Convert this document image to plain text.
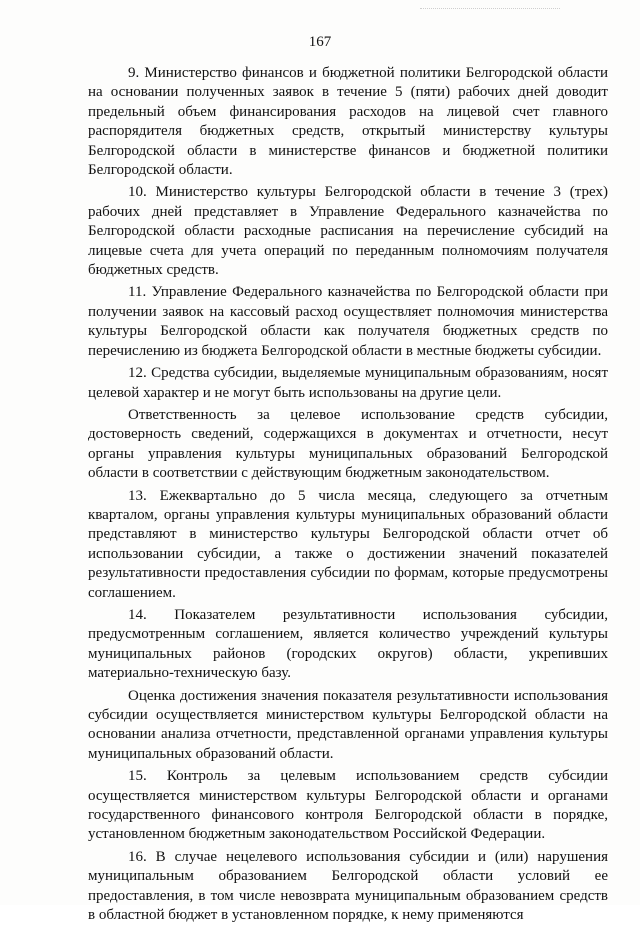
167

9. Министерство финансов и бюджетной политики Белгородской области на основании полученных заявок в течение 5 (пяти) рабочих дней доводит предельный объем финансирования расходов на лицевой счет главного распорядителя бюджетных средств, открытый министерству культуры Белгородской области в министерстве финансов и бюджетной политики Белгородской области.

10. Министерство культуры Белгородской области в течение 3 (трех) рабочих дней представляет в Управление Федерального казначейства по Белгородской области расходные расписания на перечисление субсидий на лицевые счета для учета операций по переданным полномочиям получателя бюджетных средств.

11. Управление Федерального казначейства по Белгородской области при получении заявок на кассовый расход осуществляет полномочия министерства культуры Белгородской области как получателя бюджетных средств по перечислению из бюджета Белгородской области в местные бюджеты субсидии.

12. Средства субсидии, выделяемые муниципальным образованиям, носят целевой характер и не могут быть использованы на другие цели.

Ответственность за целевое использование средств субсидии, достоверность сведений, содержащихся в документах и отчетности, несут органы управления культуры муниципальных образований Белгородской области в соответствии с действующим бюджетным законодательством.

13. Ежеквартально до 5 числа месяца, следующего за отчетным кварталом, органы управления культуры муниципальных образований области представляют в министерство культуры Белгородской области отчет об использовании субсидии, а также о достижении значений показателей результативности предоставления субсидии по формам, которые предусмотрены соглашением.

14. Показателем результативности использования субсидии, предусмотренным соглашением, является количество учреждений культуры муниципальных районов (городских округов) области, укрепивших материально-техническую базу.

Оценка достижения значения показателя результативности использования субсидии осуществляется министерством культуры Белгородской области на основании анализа отчетности, представленной органами управления культуры муниципальных образований области.

15. Контроль за целевым использованием средств субсидии осуществляется министерством культуры Белгородской области и органами государственного финансового контроля Белгородской области в порядке, установленном бюджетным законодательством Российской Федерации.

16. В случае нецелевого использования субсидии и (или) нарушения муниципальным образованием Белгородской области условий ее предоставления, в том числе невозврата муниципальным образованием средств в областной бюджет в установленном порядке, к нему применяются
